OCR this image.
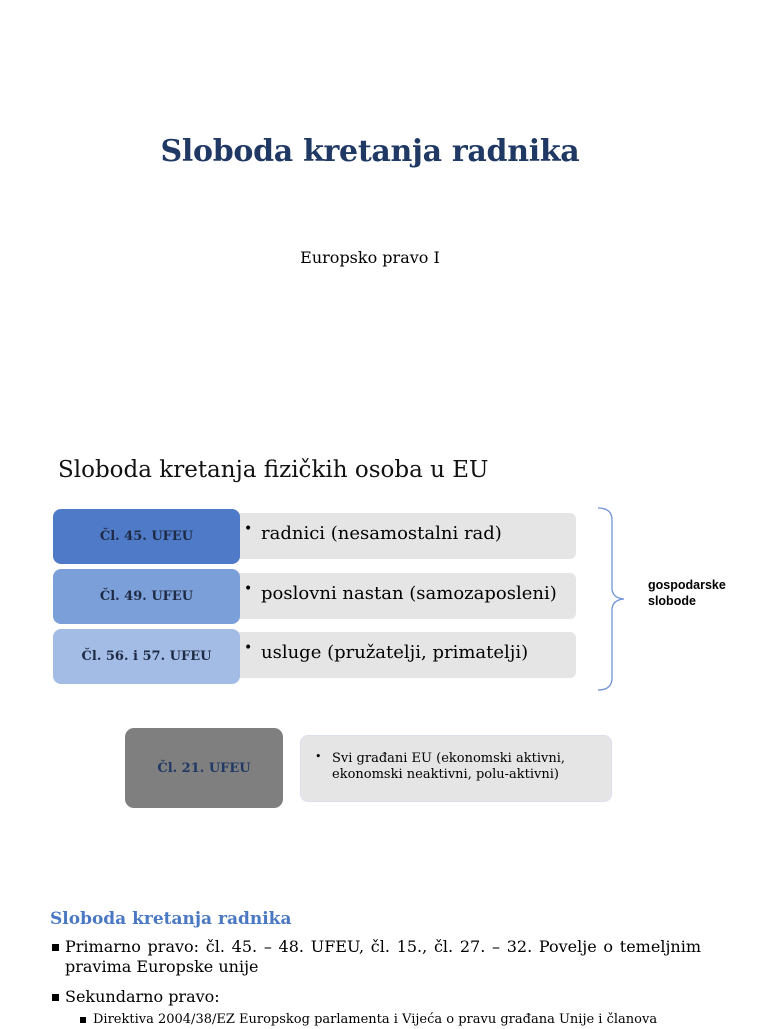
Sloboda kretanja radnika
Europsko pravo I
Sloboda kretanja fizičkih osoba u EU
• radnici (nesamostalni rad)
Čl. 45. UFEU
• poslovni nastan (samozaposleni)
Čl. 49. UFEU
• usluge (pružatelji, primatelji)
Čl. 56. i 57. UFEU
gospodarske
slobode
• Svi građani EU (ekonomski aktivni, ekonomski neaktivni, polu-aktivni)
Čl. 21. UFEU
Sloboda kretanja radnika
Primarno pravo: čl. 45. – 48. UFEU, čl. 15., čl. 27. – 32. Povelje o temeljnim pravima Europske unije
Sekundarno pravo:
Direktiva 2004/38/EZ Europskog parlamenta i Vijeća o pravu građana Unije i članova
